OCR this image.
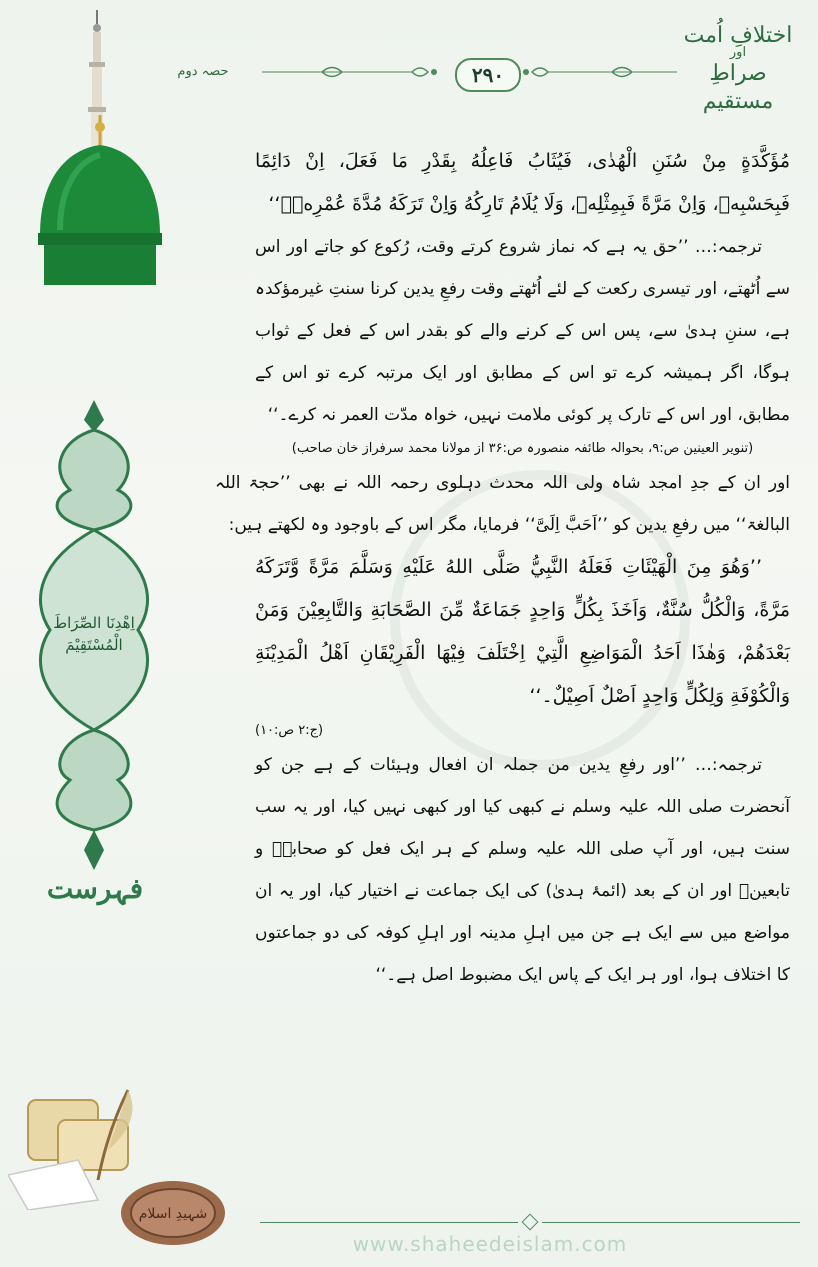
اختلافِ اُمت
اور
صراطِ مستقیم
حصہ دوم	۲۹۰
اِهْدِنَا الصِّرَاطَ الْمُسْتَقِيْمَ
فہرست
شہیدِ اسلام

مُؤَكَّدَةٍ مِنْ سُنَنِ الْهُدٰى، فَيُثَابُ فَاعِلُهُ بِقَدْرِ مَا فَعَلَ، اِنْ دَائِمًا فَبِحَسْبِهٖ، وَاِنْ مَرَّةً فَبِمِثْلِهٖ، وَلَا يُلَامُ تَارِكُهُ وَاِنْ تَرَكَهُ مُدَّةَ عُمْرِهٖ۔‘‘

ترجمہ:… ’’حق یہ ہے کہ نماز شروع کرتے وقت، رُکوع کو جاتے اور اس سے اُٹھتے، اور تیسری رکعت کے لئے اُٹھتے وقت رفعِ یدین کرنا سنتِ غیرمؤکدہ ہے، سننِ ہدیٰ سے، پس اس کے کرنے والے کو بقدر اس کے فعل کے ثواب ہوگا، اگر ہمیشہ کرے تو اس کے مطابق اور ایک مرتبہ کرے تو اس کے مطابق، اور اس کے تارک پر کوئی ملامت نہیں، خواہ مدّت العمر نہ کرے۔‘‘

(تنویر العینین ص:۹، بحوالہ طائفہ منصورہ ص:۳۶ از مولانا محمد سرفراز خان صاحب)

اور ان کے جدِ امجد شاہ ولی اللہ محدث دہلوی رحمہ اللہ نے بھی ’’حجۃ اللہ البالغۃ‘‘ میں رفعِ یدین کو ’’اَحَبَّ اِلَیَّ‘‘ فرمایا، مگر اس کے باوجود وہ لکھتے ہیں:

’’وَهُوَ مِنَ الْهَيْئَاتِ فَعَلَهُ النَّبِيُّ صَلَّى اللهُ عَلَيْهِ وَسَلَّمَ مَرَّةً وَّتَرَكَهُ مَرَّةً، وَالْكُلُّ سُنَّةٌ، وَاَخَذَ بِكُلٍّ وَاحِدٍ جَمَاعَةٌ مِّنَ الصَّحَابَةِ وَالتَّابِعِيْنَ وَمَنْ بَعْدَهُمْ، وَهٰذَا اَحَدُ الْمَوَاضِعِ الَّتِيْ اِخْتَلَفَ فِيْهَا الْفَرِيْقَانِ اَهْلُ الْمَدِيْنَةِ وَالْكُوْفَةِ وَلِكُلٍّ وَاحِدٍ اَصْلٌ اَصِيْلٌ۔‘‘

(ج:۲ ص:۱۰)

ترجمہ:… ’’اور رفعِ یدین من جملہ ان افعال وہیئات کے ہے جن کو آنحضرت صلی اللہ علیہ وسلم نے کبھی کیا اور کبھی نہیں کیا، اور یہ سب سنت ہیں، اور آپ صلی اللہ علیہ وسلم کے ہر ایک فعل کو صحابہؓ و تابعینؒ اور ان کے بعد (ائمۂ ہدیٰ) کی ایک جماعت نے اختیار کیا، اور یہ ان مواضع میں سے ایک ہے جن میں اہلِ مدینہ اور اہلِ کوفہ کی دو جماعتوں کا اختلاف ہوا، اور ہر ایک کے پاس ایک مضبوط اصل ہے۔‘‘

www.shaheedeislam.com
